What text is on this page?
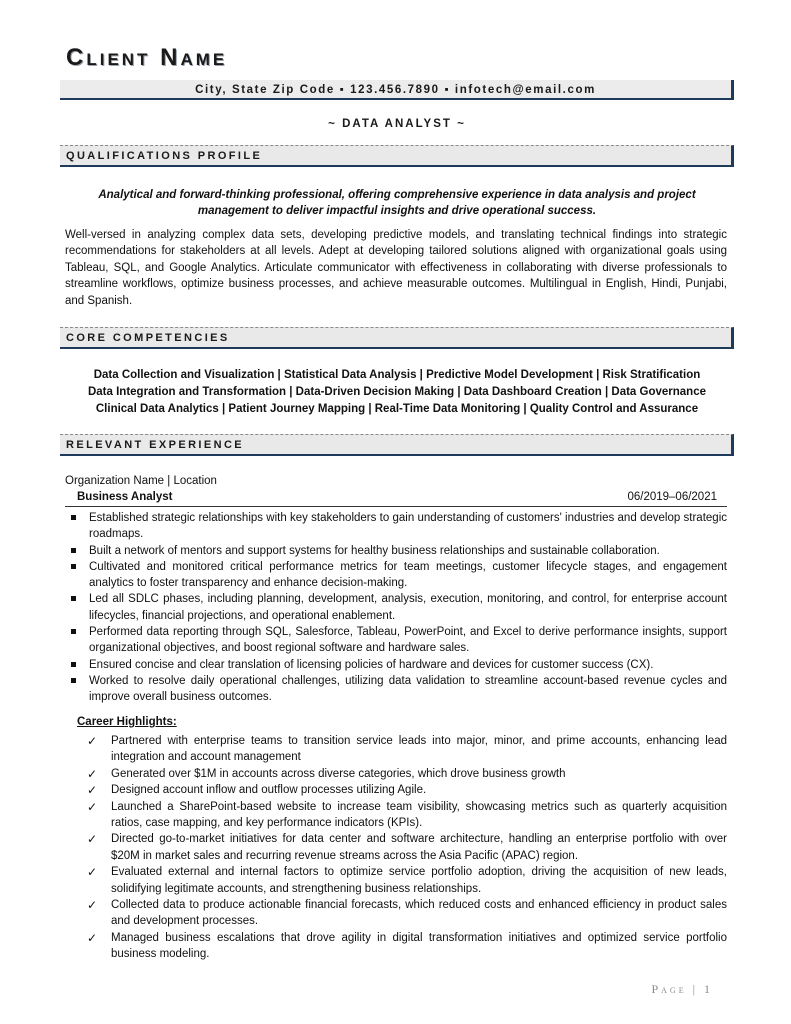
Client Name
City, State Zip Code ▪ 123.456.7890 ▪ infotech@email.com
~ DATA ANALYST ~
QUALIFICATIONS PROFILE
Analytical and forward-thinking professional, offering comprehensive experience in data analysis and project management to deliver impactful insights and drive operational success.
Well-versed in analyzing complex data sets, developing predictive models, and translating technical findings into strategic recommendations for stakeholders at all levels. Adept at developing tailored solutions aligned with organizational goals using Tableau, SQL, and Google Analytics. Articulate communicator with effectiveness in collaborating with diverse professionals to streamline workflows, optimize business processes, and achieve measurable outcomes. Multilingual in English, Hindi, Punjabi, and Spanish.
CORE COMPETENCIES
Data Collection and Visualization | Statistical Data Analysis | Predictive Model Development | Risk Stratification
Data Integration and Transformation | Data-Driven Decision Making | Data Dashboard Creation | Data Governance
Clinical Data Analytics | Patient Journey Mapping | Real-Time Data Monitoring | Quality Control and Assurance
RELEVANT EXPERIENCE
Organization Name | Location
Business Analyst	06/2019–06/2021
Established strategic relationships with key stakeholders to gain understanding of customers' industries and develop strategic roadmaps.
Built a network of mentors and support systems for healthy business relationships and sustainable collaboration.
Cultivated and monitored critical performance metrics for team meetings, customer lifecycle stages, and engagement analytics to foster transparency and enhance decision-making.
Led all SDLC phases, including planning, development, analysis, execution, monitoring, and control, for enterprise account lifecycles, financial projections, and operational enablement.
Performed data reporting through SQL, Salesforce, Tableau, PowerPoint, and Excel to derive performance insights, support organizational objectives, and boost regional software and hardware sales.
Ensured concise and clear translation of licensing policies of hardware and devices for customer success (CX).
Worked to resolve daily operational challenges, utilizing data validation to streamline account-based revenue cycles and improve overall business outcomes.
Career Highlights:
✓ Partnered with enterprise teams to transition service leads into major, minor, and prime accounts, enhancing lead integration and account management
✓ Generated over $1M in accounts across diverse categories, which drove business growth
✓ Designed account inflow and outflow processes utilizing Agile.
✓ Launched a SharePoint-based website to increase team visibility, showcasing metrics such as quarterly acquisition ratios, case mapping, and key performance indicators (KPIs).
✓ Directed go-to-market initiatives for data center and software architecture, handling an enterprise portfolio with over $20M in market sales and recurring revenue streams across the Asia Pacific (APAC) region.
✓ Evaluated external and internal factors to optimize service portfolio adoption, driving the acquisition of new leads, solidifying legitimate accounts, and strengthening business relationships.
✓ Collected data to produce actionable financial forecasts, which reduced costs and enhanced efficiency in product sales and development processes.
✓ Managed business escalations that drove agility in digital transformation initiatives and optimized service portfolio business modeling.
Page | 1
